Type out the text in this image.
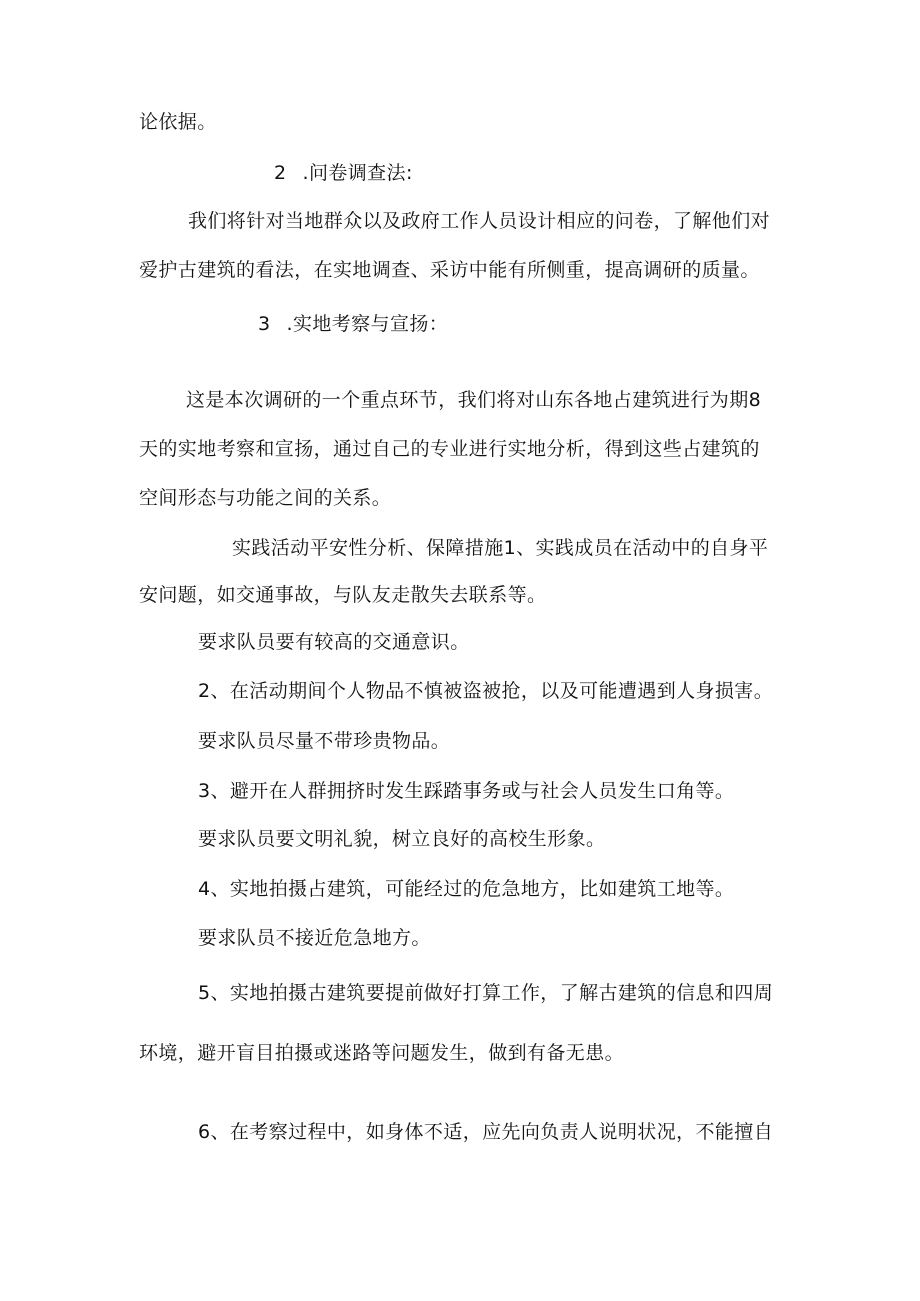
论依据。
2 .问卷调查法:
我们将针对当地群众以及政府工作人员设计相应的问卷，了解他们对
爱护古建筑的看法，在实地调查、采访中能有所侧重，提高调研的质量。
3 .实地考察与宣扬：
这是本次调研的一个重点环节，我们将对山东各地占建筑进行为期8
天的实地考察和宣扬，通过自己的专业进行实地分析，得到这些占建筑的
空间形态与功能之间的关系。
实践活动平安性分析、保障措施1、实践成员在活动中的自身平
安问题，如交通事故，与队友走散失去联系等。
要求队员要有较高的交通意识。
2、在活动期间个人物品不慎被盗被抢，以及可能遭遇到人身损害。
要求队员尽量不带珍贵物品。
3、避开在人群拥挤时发生踩踏事务或与社会人员发生口角等。
要求队员要文明礼貌，树立良好的高校生形象。
4、实地拍摄占建筑，可能经过的危急地方，比如建筑工地等。
要求队员不接近危急地方。
5、实地拍摄古建筑要提前做好打算工作，了解古建筑的信息和四周
环境，避开盲目拍摄或迷路等问题发生，做到有备无患。
6、在考察过程中，如身体不适，应先向负责人说明状况，不能擅自
